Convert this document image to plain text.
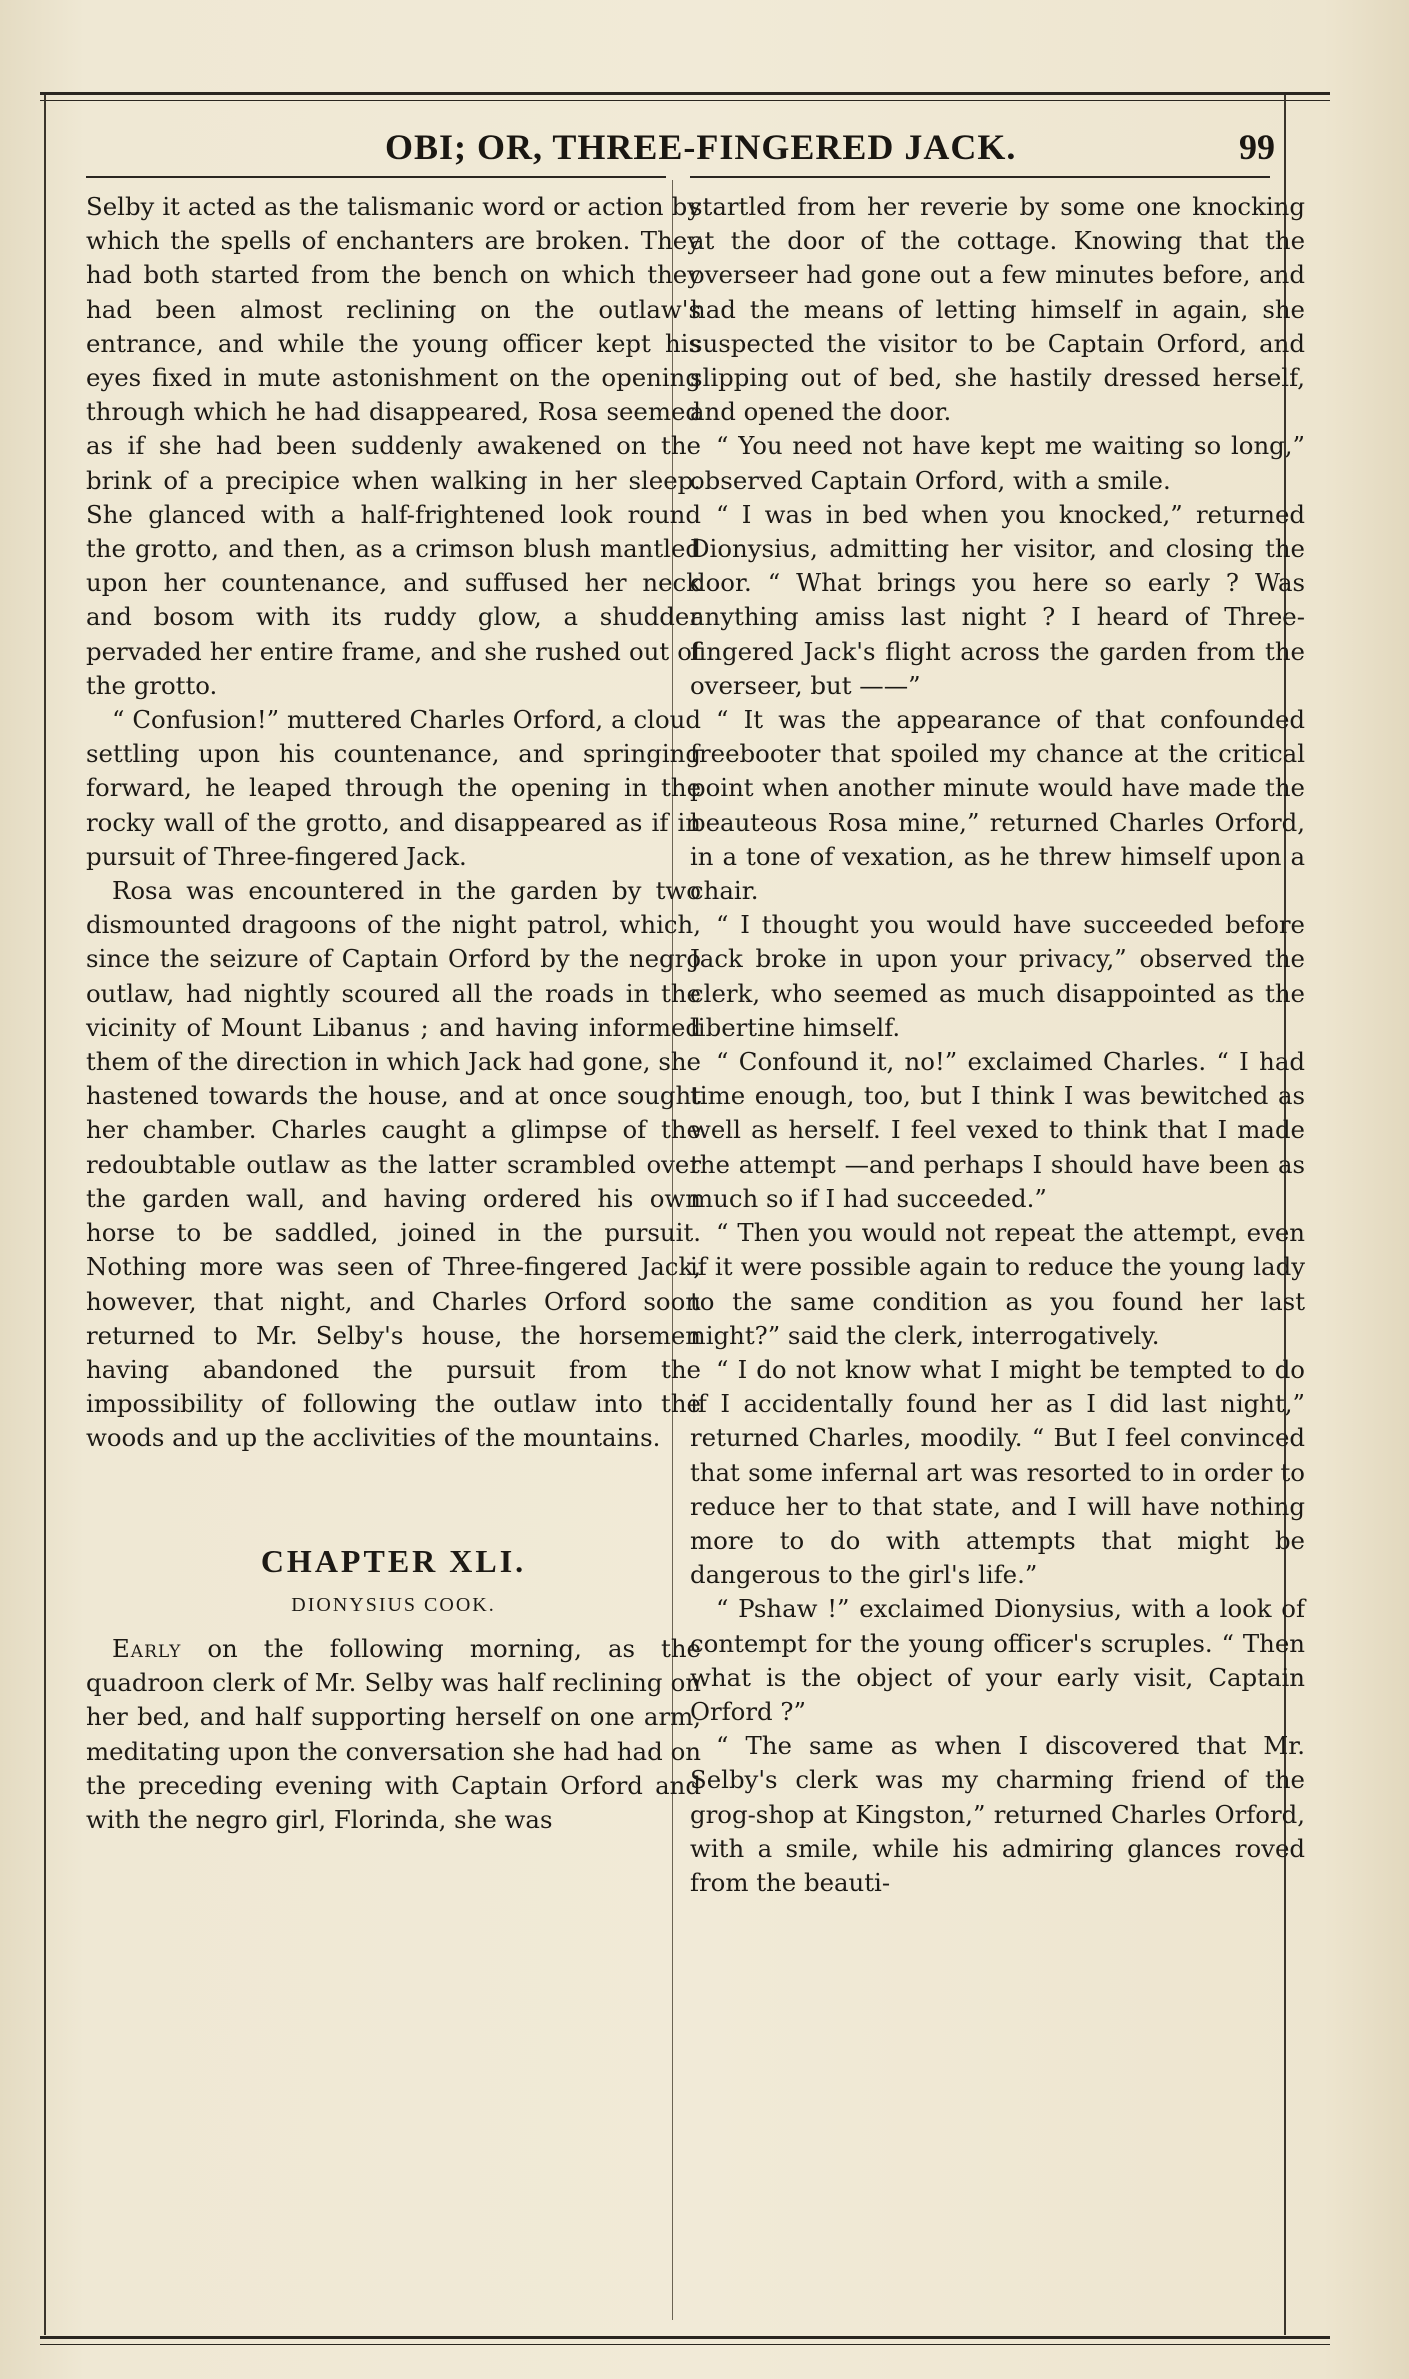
OBI; OR, THREE-FINGERED JACK.	99

Selby it acted as the talismanic word or action by which the spells of enchanters are broken. They had both started from the bench on which they had been almost reclining on the outlaw's entrance, and while the young officer kept his eyes fixed in mute astonishment on the opening through which he had disappeared, Rosa seemed as if she had been suddenly awakened on the brink of a precipice when walking in her sleep. She glanced with a half-frightened look round the grotto, and then, as a crimson blush mantled upon her countenance, and suffused her neck and bosom with its ruddy glow, a shudder pervaded her entire frame, and she rushed out of the grotto.

“ Confusion!” muttered Charles Orford, a cloud settling upon his countenance, and springing forward, he leaped through the opening in the rocky wall of the grotto, and disappeared as if in pursuit of Three-fingered Jack.

Rosa was encountered in the garden by two dismounted dragoons of the night patrol, which, since the seizure of Captain Orford by the negro outlaw, had nightly scoured all the roads in the vicinity of Mount Libanus ; and having informed them of the direction in which Jack had gone, she hastened towards the house, and at once sought her chamber. Charles caught a glimpse of the redoubtable outlaw as the latter scrambled over the garden wall, and having ordered his own horse to be saddled, joined in the pursuit. Nothing more was seen of Three-fingered Jack, however, that night, and Charles Orford soon returned to Mr. Selby's house, the horsemen having abandoned the pursuit from the impossibility of following the outlaw into the woods and up the acclivities of the mountains.

CHAPTER XLI.
DIONYSIUS COOK.

Early on the following morning, as the quadroon clerk of Mr. Selby was half reclining on her bed, and half supporting herself on one arm, meditating upon the conversation she had had on the preceding evening with Captain Orford and with the negro girl, Florinda, she was

startled from her reverie by some one knocking at the door of the cottage. Knowing that the overseer had gone out a few minutes before, and had the means of letting himself in again, she suspected the visitor to be Captain Orford, and slipping out of bed, she hastily dressed herself, and opened the door.

“ You need not have kept me waiting so long,” observed Captain Orford, with a smile.

“ I was in bed when you knocked,” returned Dionysius, admitting her visitor, and closing the door. “ What brings you here so early ? Was anything amiss last night ? I heard of Three-fingered Jack's flight across the garden from the overseer, but ——”

“ It was the appearance of that confounded freebooter that spoiled my chance at the critical point when another minute would have made the beauteous Rosa mine,” returned Charles Orford, in a tone of vexation, as he threw himself upon a chair.

“ I thought you would have succeeded before Jack broke in upon your privacy,” observed the clerk, who seemed as much disappointed as the libertine himself.

“ Confound it, no!” exclaimed Charles. “ I had time enough, too, but I think I was bewitched as well as herself. I feel vexed to think that I made the attempt —and perhaps I should have been as much so if I had succeeded.”

“ Then you would not repeat the attempt, even if it were possible again to reduce the young lady to the same condition as you found her last night?” said the clerk, interrogatively.

“ I do not know what I might be tempted to do if I accidentally found her as I did last night,” returned Charles, moodily. “ But I feel convinced that some infernal art was resorted to in order to reduce her to that state, and I will have nothing more to do with attempts that might be dangerous to the girl's life.”

“ Pshaw !” exclaimed Dionysius, with a look of contempt for the young officer's scruples. “ Then what is the object of your early visit, Captain Orford ?”

“ The same as when I discovered that Mr. Selby's clerk was my charming friend of the grog-shop at Kingston,” returned Charles Orford, with a smile, while his admiring glances roved from the beauti-
